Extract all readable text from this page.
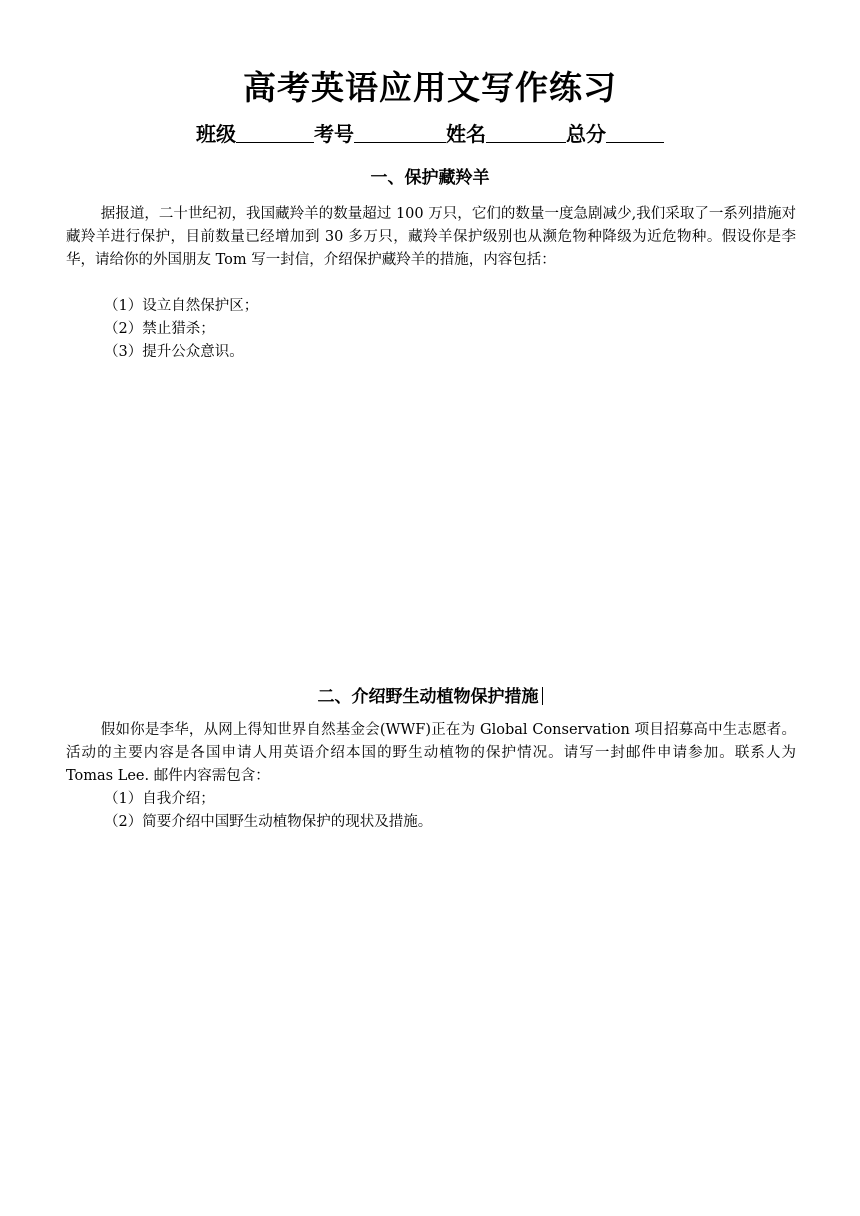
高考英语应用文写作练习
班级	考号	姓名	总分
一、保护藏羚羊

据报道，二十世纪初，我国藏羚羊的数量超过 100 万只，它们的数量一度急剧减少,我们采取了一系列措施对藏羚羊进行保护，目前数量已经增加到 30 多万只，藏羚羊保护级别也从濒危物种降级为近危物种。假设你是李华，请给你的外国朋友 Tom 写一封信，介绍保护藏羚羊的措施，内容包括：

（1）设立自然保护区；
（2）禁止猎杀；
（3）提升公众意识。
二、介绍野生动植物保护措施

假如你是李华，从网上得知世界自然基金会(WWF)正在为 Global Conservation 项目招募高中生志愿者。活动的主要内容是各国申请人用英语介绍本国的野生动植物的保护情况。请写一封邮件申请参加。联系人为 Tomas Lee. 邮件内容需包含：

（1）自我介绍；
（2）简要介绍中国野生动植物保护的现状及措施。
